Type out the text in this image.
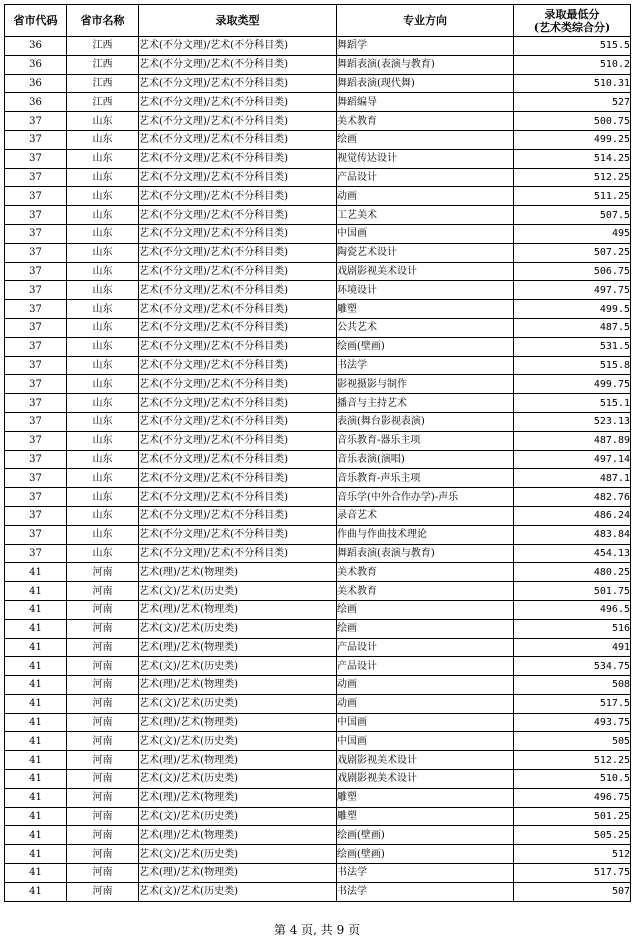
省市代码	省市名称	录取类型	专业方向	录取最低分
(艺术类综合分)

36	江西	艺术(不分文理)/艺术(不分科目类)	舞蹈学	515.5
36	江西	艺术(不分文理)/艺术(不分科目类)	舞蹈表演(表演与教育)	510.2
36	江西	艺术(不分文理)/艺术(不分科目类)	舞蹈表演(现代舞)	510.31
36	江西	艺术(不分文理)/艺术(不分科目类)	舞蹈编导	527
37	山东	艺术(不分文理)/艺术(不分科目类)	美术教育	500.75
37	山东	艺术(不分文理)/艺术(不分科目类)	绘画	499.25
37	山东	艺术(不分文理)/艺术(不分科目类)	视觉传达设计	514.25
37	山东	艺术(不分文理)/艺术(不分科目类)	产品设计	512.25
37	山东	艺术(不分文理)/艺术(不分科目类)	动画	511.25
37	山东	艺术(不分文理)/艺术(不分科目类)	工艺美术	507.5
37	山东	艺术(不分文理)/艺术(不分科目类)	中国画	495
37	山东	艺术(不分文理)/艺术(不分科目类)	陶瓷艺术设计	507.25
37	山东	艺术(不分文理)/艺术(不分科目类)	戏剧影视美术设计	506.75
37	山东	艺术(不分文理)/艺术(不分科目类)	环境设计	497.75
37	山东	艺术(不分文理)/艺术(不分科目类)	雕塑	499.5
37	山东	艺术(不分文理)/艺术(不分科目类)	公共艺术	487.5
37	山东	艺术(不分文理)/艺术(不分科目类)	绘画(壁画)	531.5
37	山东	艺术(不分文理)/艺术(不分科目类)	书法学	515.8
37	山东	艺术(不分文理)/艺术(不分科目类)	影视摄影与制作	499.75
37	山东	艺术(不分文理)/艺术(不分科目类)	播音与主持艺术	515.1
37	山东	艺术(不分文理)/艺术(不分科目类)	表演(舞台影视表演)	523.13
37	山东	艺术(不分文理)/艺术(不分科目类)	音乐教育-器乐主项	487.89
37	山东	艺术(不分文理)/艺术(不分科目类)	音乐表演(演唱)	497.14
37	山东	艺术(不分文理)/艺术(不分科目类)	音乐教育-声乐主项	487.1
37	山东	艺术(不分文理)/艺术(不分科目类)	音乐学(中外合作办学)-声乐	482.76
37	山东	艺术(不分文理)/艺术(不分科目类)	录音艺术	486.24
37	山东	艺术(不分文理)/艺术(不分科目类)	作曲与作曲技术理论	483.84
37	山东	艺术(不分文理)/艺术(不分科目类)	舞蹈表演(表演与教育)	454.13
41	河南	艺术(理)/艺术(物理类)	美术教育	480.25
41	河南	艺术(文)/艺术(历史类)	美术教育	501.75
41	河南	艺术(理)/艺术(物理类)	绘画	496.5
41	河南	艺术(文)/艺术(历史类)	绘画	516
41	河南	艺术(理)/艺术(物理类)	产品设计	491
41	河南	艺术(文)/艺术(历史类)	产品设计	534.75
41	河南	艺术(理)/艺术(物理类)	动画	508
41	河南	艺术(文)/艺术(历史类)	动画	517.5
41	河南	艺术(理)/艺术(物理类)	中国画	493.75
41	河南	艺术(文)/艺术(历史类)	中国画	505
41	河南	艺术(理)/艺术(物理类)	戏剧影视美术设计	512.25
41	河南	艺术(文)/艺术(历史类)	戏剧影视美术设计	510.5
41	河南	艺术(理)/艺术(物理类)	雕塑	496.75
41	河南	艺术(文)/艺术(历史类)	雕塑	501.25
41	河南	艺术(理)/艺术(物理类)	绘画(壁画)	505.25
41	河南	艺术(文)/艺术(历史类)	绘画(壁画)	512
41	河南	艺术(理)/艺术(物理类)	书法学	517.75
41	河南	艺术(文)/艺术(历史类)	书法学	507
第 4 页, 共 9 页
